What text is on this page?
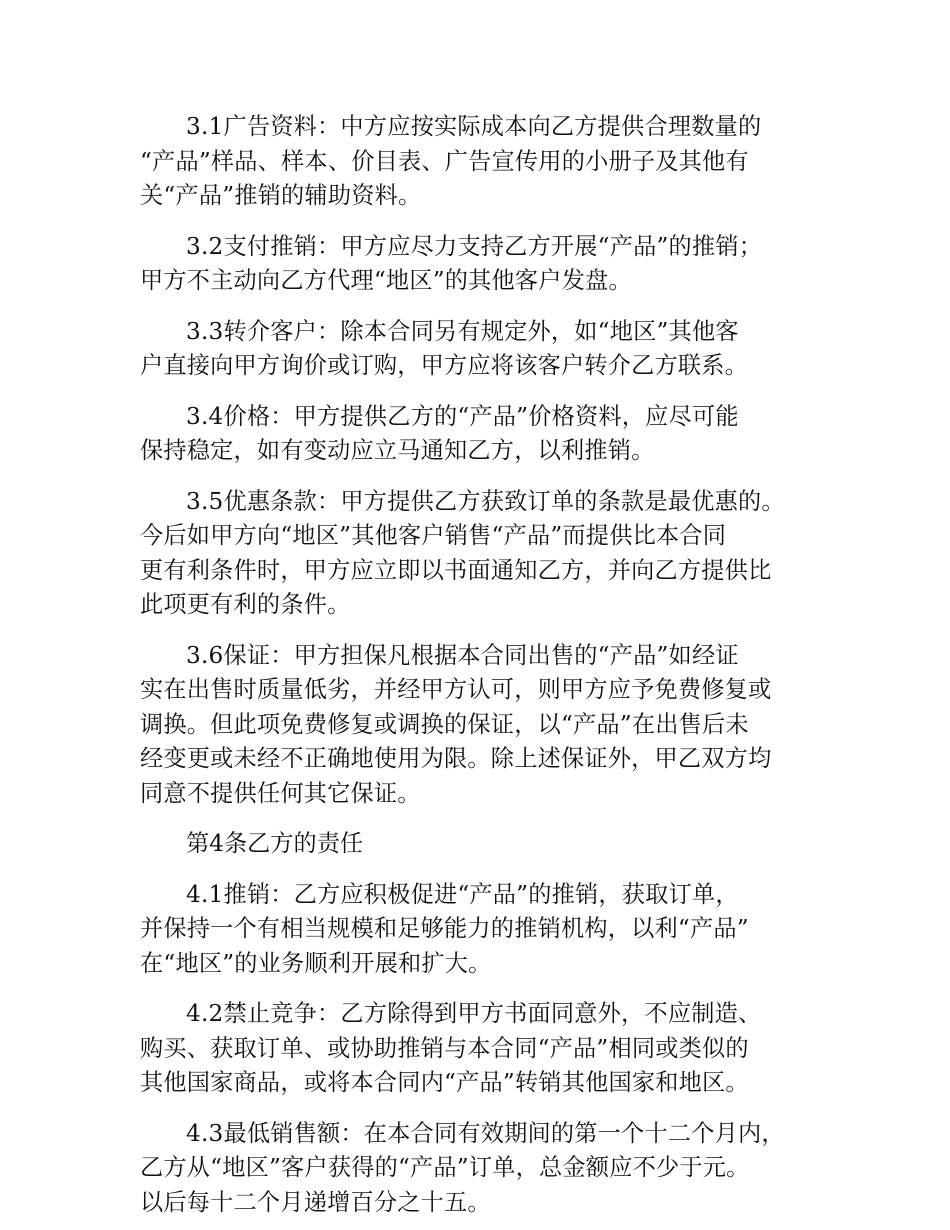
3.1广告资料：中方应按实际成本向乙方提供合理数量的
“产品”样品、样本、价目表、广告宣传用的小册子及其他有
关“产品”推销的辅助资料。

3.2支付推销：甲方应尽力支持乙方开展“产品”的推销；
甲方不主动向乙方代理“地区”的其他客户发盘。

3.3转介客户：除本合同另有规定外，如“地区”其他客
户直接向甲方询价或订购，甲方应将该客户转介乙方联系。

3.4价格：甲方提供乙方的“产品”价格资料，应尽可能
保持稳定，如有变动应立马通知乙方，以利推销。

3.5优惠条款：甲方提供乙方获致订单的条款是最优惠的。
今后如甲方向“地区”其他客户销售“产品”而提供比本合同
更有利条件时，甲方应立即以书面通知乙方，并向乙方提供比
此项更有利的条件。

3.6保证：甲方担保凡根据本合同出售的“产品”如经证
实在出售时质量低劣，并经甲方认可，则甲方应予免费修复或
调换。但此项免费修复或调换的保证，以“产品”在出售后未
经变更或未经不正确地使用为限。除上述保证外，甲乙双方均
同意不提供任何其它保证。

第4条乙方的责任

4.1推销：乙方应积极促进“产品”的推销，获取订单，
并保持一个有相当规模和足够能力的推销机构，以利“产品”
在“地区”的业务顺利开展和扩大。

4.2禁止竞争：乙方除得到甲方书面同意外，不应制造、
购买、获取订单、或协助推销与本合同“产品”相同或类似的
其他国家商品，或将本合同内“产品”转销其他国家和地区。

4.3最低销售额：在本合同有效期间的第一个十二个月内，
乙方从“地区”客户获得的“产品”订单，总金额应不少于元。
以后每十二个月递增百分之十五。
